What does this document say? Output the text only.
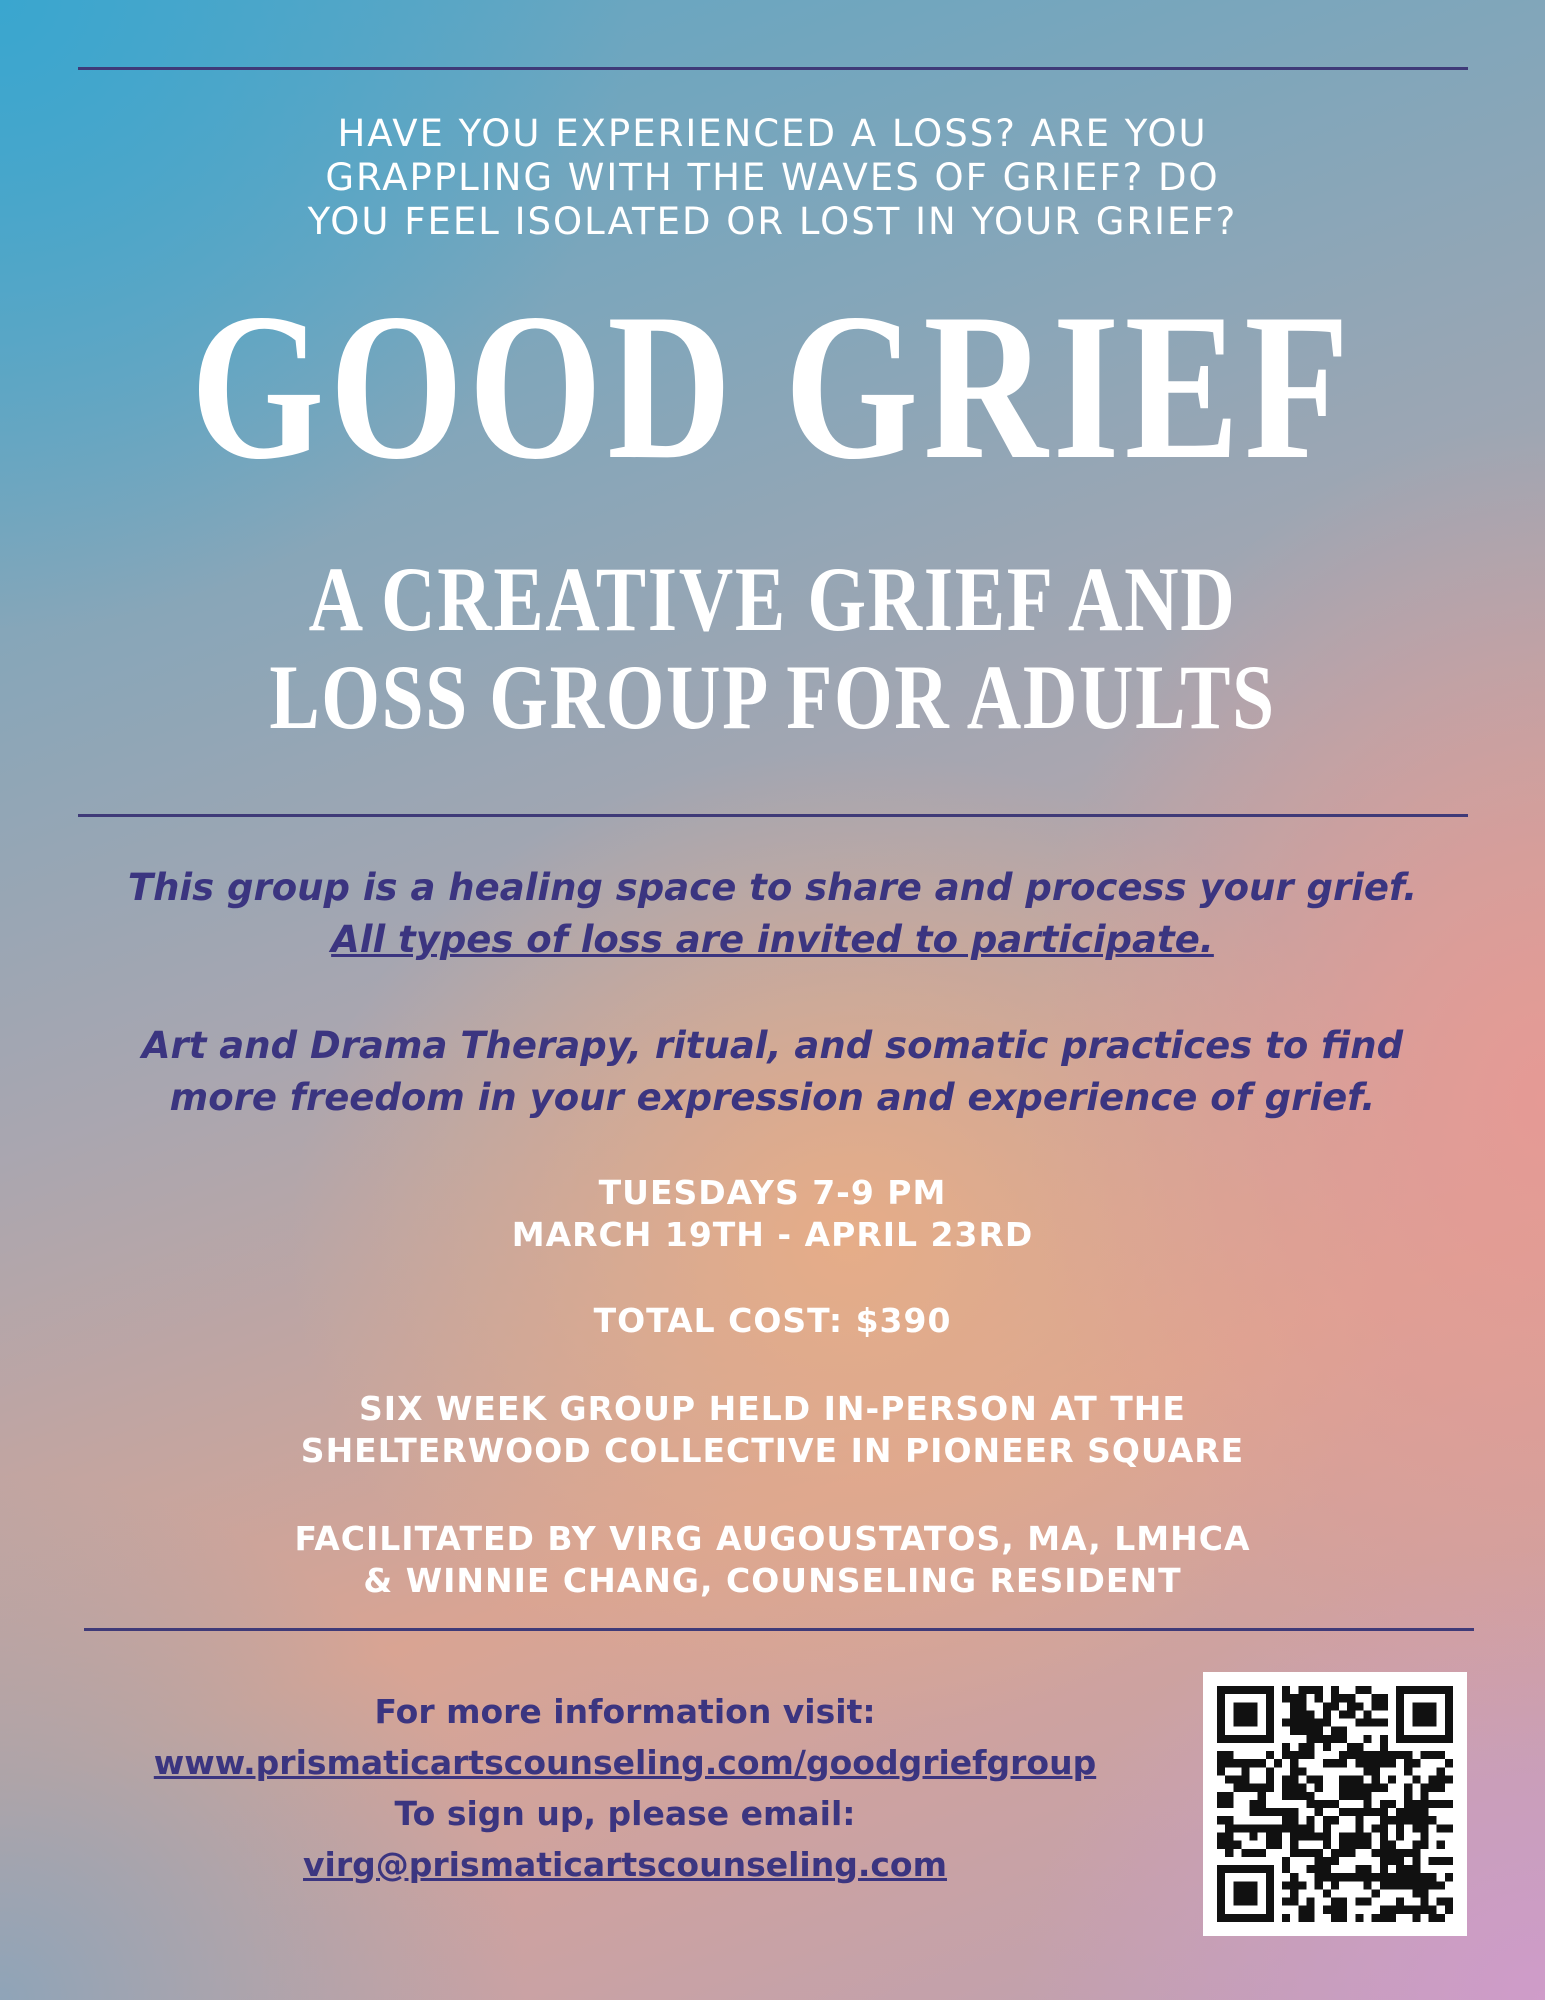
HAVE YOU EXPERIENCED A LOSS? ARE YOU
GRAPPLING WITH THE WAVES OF GRIEF? DO
YOU FEEL ISOLATED OR LOST IN YOUR GRIEF?
GOOD GRIEF
A CREATIVE GRIEF AND
LOSS GROUP FOR ADULTS
This group is a healing space to share and process your grief.
All types of loss are invited to participate.
Art and Drama Therapy, ritual, and somatic practices to find
more freedom in your expression and experience of grief.
TUESDAYS 7-9 PM
MARCH 19TH - APRIL 23RD
TOTAL COST: $390
SIX WEEK GROUP HELD IN-PERSON AT THE
SHELTERWOOD COLLECTIVE IN PIONEER SQUARE
FACILITATED BY VIRG AUGOUSTATOS, MA, LMHCA
& WINNIE CHANG, COUNSELING RESIDENT
For more information visit:
www.prismaticartscounseling.com/goodgriefgroup
To sign up, please email:
virg@prismaticartscounseling.com
